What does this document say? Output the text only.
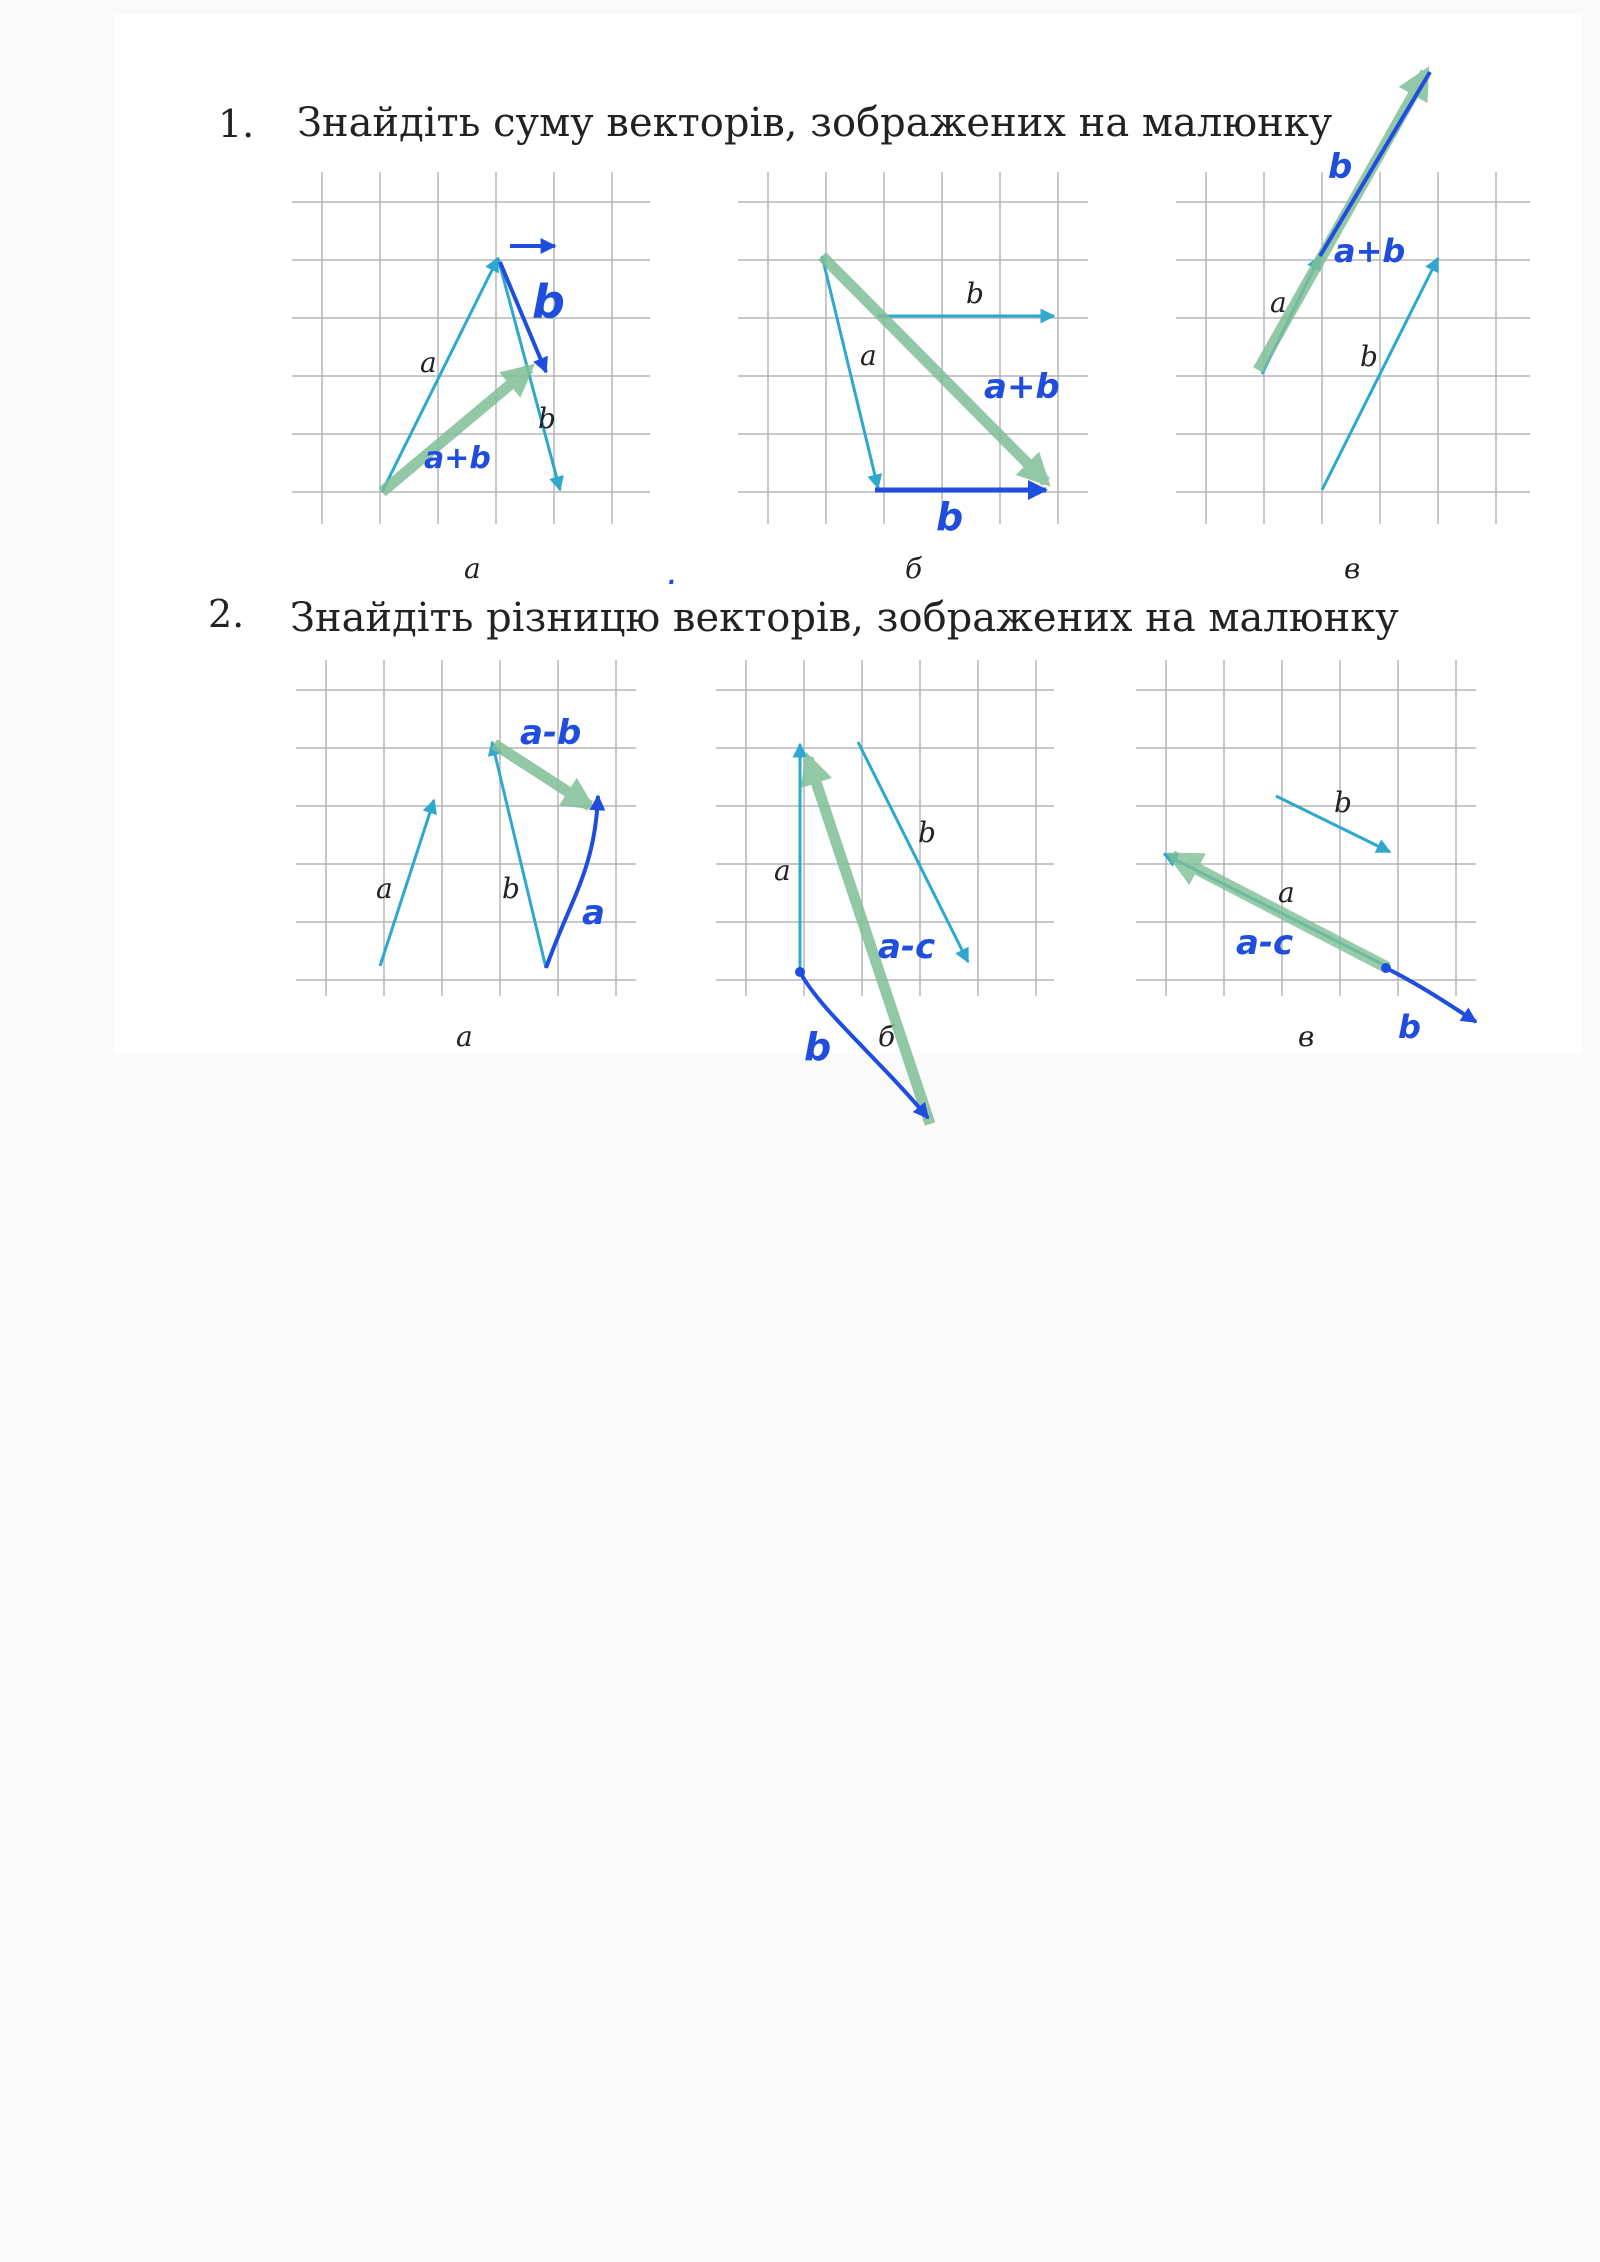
1. Знайдіть суму векторів, зображених на малюнку
2. Знайдіть різницю векторів, зображених на малюнку
а	б	в
а	б	в
a
b
b
a+b
a
b
a+b
b
a
b
b
a+b
.
a	b
a-b
a
a
b
a-c
b
a
b
a-c
b
